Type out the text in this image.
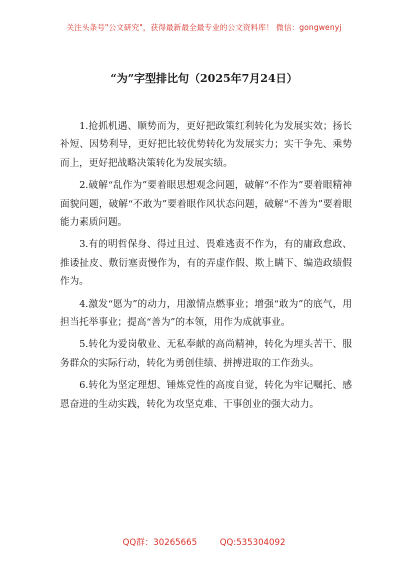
关注头条号"公文研究"，获得最新最全最专业的公文资料库！ 微信：gongwenyj
“为”字型排比句（2025年7月24日）

1.抢抓机遇、顺势而为，更好把政策红利转化为发展实效；扬长补短、因势利导，更好把比较优势转化为发展实力；实干争先、乘势而上，更好把战略决策转化为发展实绩。

2.破解“乱作为”要着眼思想观念问题，破解“不作为”要着眼精神面貌问题，破解“不敢为”要着眼作风状态问题，破解“不善为”要着眼能力素质问题。

3.有的明哲保身、得过且过、畏难逃责不作为，有的庸政怠政、推诿扯皮、敷衍塞责慢作为，有的弄虚作假、欺上瞒下、编造政绩假作为。

4.激发“愿为”的动力，用激情点燃事业；增强“敢为”的底气，用担当托举事业；提高“善为”的本领，用作为成就事业。

5.转化为爱岗敬业、无私奉献的高尚精神，转化为埋头苦干、服务群众的实际行动，转化为勇创佳绩、拼搏进取的工作劲头。

6.转化为坚定理想、锤炼党性的高度自觉，转化为牢记嘱托、感恩奋进的生动实践，转化为攻坚克难、干事创业的强大动力。

QQ群：30265665	QQ:535304092
